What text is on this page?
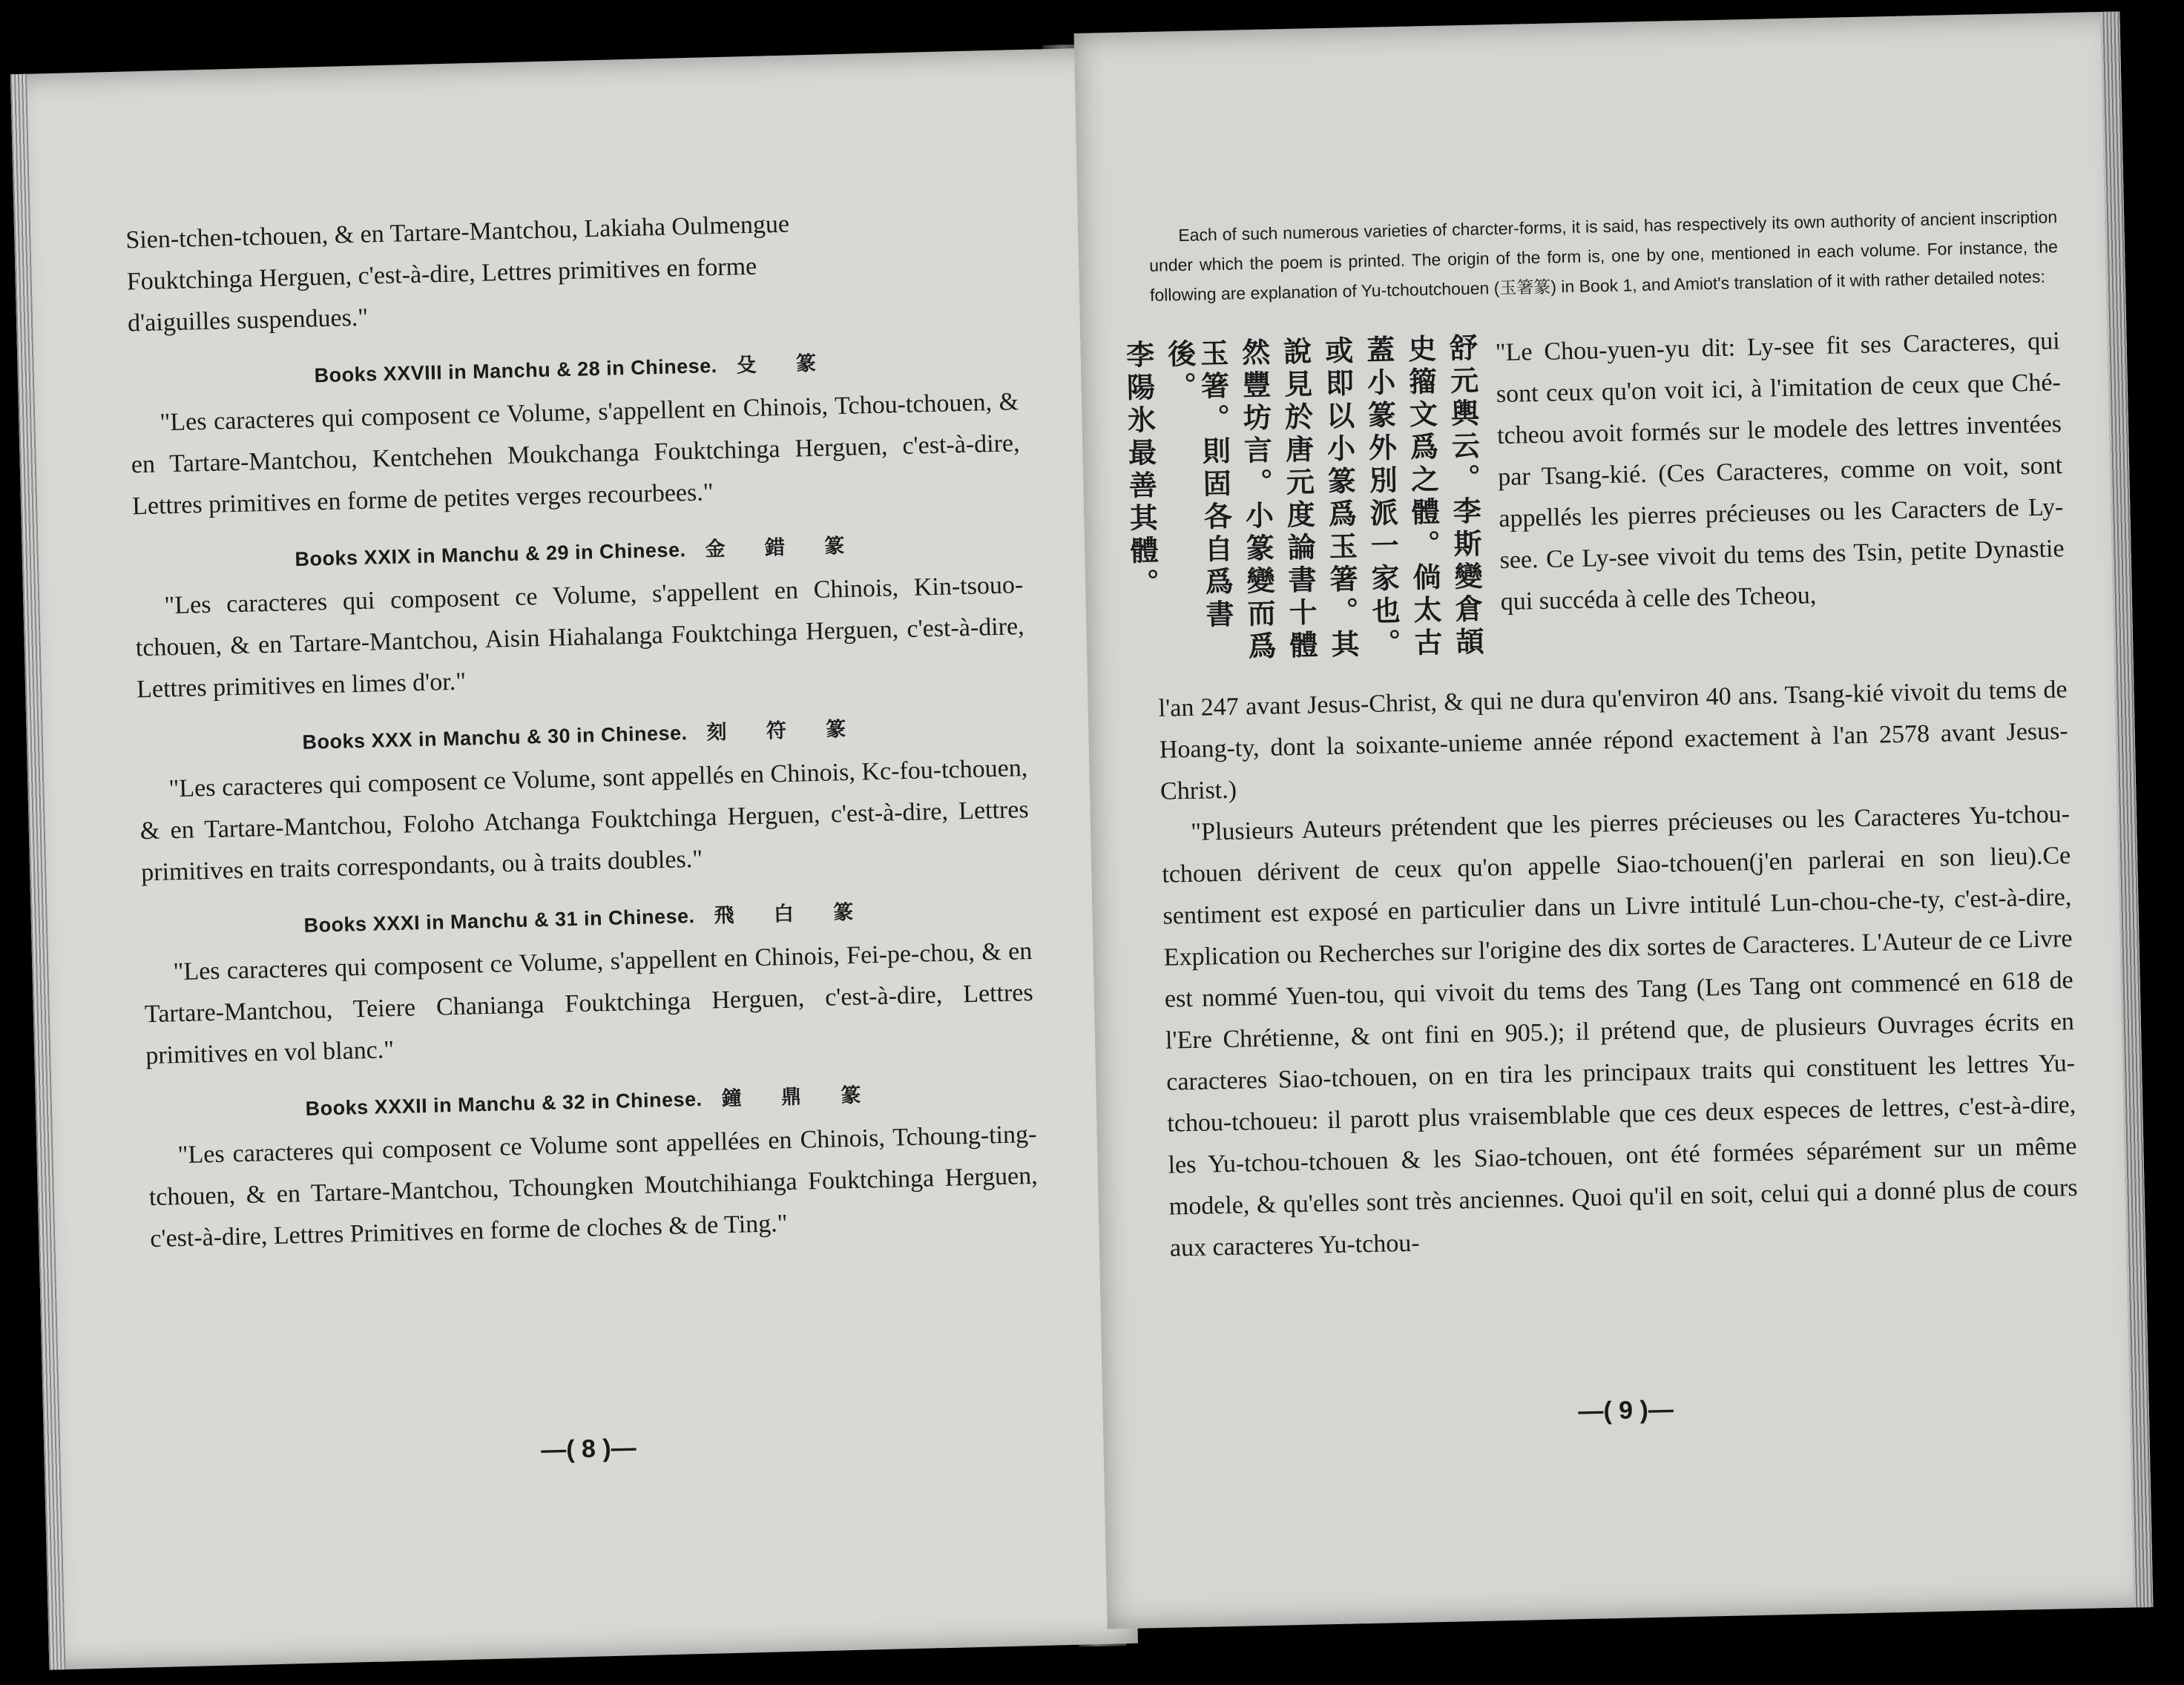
Sien-tchen-tchouen, & en Tartare-Mantchou, Lakiaha Oulmengue

Fouktchinga Herguen, c'est-à-dire, Lettres primitives en forme

d'aiguilles suspendues."

Books XXVIII in Manchu & 28 in Chinese. 殳 篆

"Les caracteres qui composent ce Volume, s'appellent en Chinois, Tchou-tchouen, & en Tartare-Mantchou, Kentchehen Moukchanga Fouktchinga Herguen, c'est-à-dire, Lettres primitives en forme de petites verges recourbees."

Books XXIX in Manchu & 29 in Chinese. 金 錯 篆

"Les caracteres qui composent ce Volume, s'appellent en Chinois, Kin-tsouo-tchouen, & en Tartare-Mantchou, Aisin Hiahalanga Fouktchinga Herguen, c'est-à-dire, Lettres primitives en limes d'or."

Books XXX in Manchu & 30 in Chinese. 刻 符 篆

"Les caracteres qui composent ce Volume, sont appellés en Chinois, Kc-fou-tchouen, & en Tartare-Mantchou, Foloho Atchanga Fouktchinga Herguen, c'est-à-dire, Lettres primitives en traits correspondants, ou à traits doubles."

Books XXXI in Manchu & 31 in Chinese. 飛 白 篆

"Les caracteres qui composent ce Volume, s'appellent en Chinois, Fei-pe-chou, & en Tartare-Mantchou, Teiere Chanianga Fouktchinga Herguen, c'est-à-dire, Lettres primitives en vol blanc."

Books XXXII in Manchu & 32 in Chinese. 鐘 鼎 篆

"Les caracteres qui composent ce Volume sont appellées en Chinois, Tchoung-ting-tchouen, & en Tartare-Mantchou, Tchoungken Moutchihianga Fouktchinga Herguen, c'est-à-dire, Lettres Primitives en forme de cloches & de Ting."

—( 8 )—

Each of such numerous varieties of charcter-forms, it is said, has respectively its own authority of ancient inscription under which the poem is printed. The origin of the form is, one by one, mentioned in each volume. For instance, the following are explanation of Yu-tchoutchouen (玉箸篆) in Book 1, and Amiot's translation of it with rather detailed notes:

舒元輿云。李斯變倉頡
史籀文爲之體。倘太古
蓋小篆外別派一家也。
或即以小篆爲玉箸。其
說見於唐元度論書十體
然豐坊言。小篆變而爲
玉箸。則固各自爲書後。
李陽氷最善其體。	"Le Chou-yuen-yu dit: Ly-see fit ses Caracteres, qui sont ceux qu'on voit ici, à l'imitation de ceux que Ché-tcheou avoit formés sur le modele des lettres inventées par Tsang-kié. (Ces Caracteres, comme on voit, sont appellés les pierres précieuses ou les Caracters de Ly-see. Ce Ly-see vivoit du tems des Tsin, petite Dynastie qui succéda à celle des Tcheou,

l'an 247 avant Jesus-Christ, & qui ne dura qu'environ 40 ans. Tsang-kié vivoit du tems de Hoang-ty, dont la soixante-unieme année répond exactement à l'an 2578 avant Jesus-Christ.)

"Plusieurs Auteurs prétendent que les pierres précieuses ou les Caracteres Yu-tchou-tchouen dérivent de ceux qu'on appelle Siao-tchouen(j'en parlerai en son lieu).Ce sentiment est exposé en particulier dans un Livre intitulé Lun-chou-che-ty, c'est-à-dire, Explication ou Recherches sur l'origine des dix sortes de Caracteres. L'Auteur de ce Livre est nommé Yuen-tou, qui vivoit du tems des Tang (Les Tang ont commencé en 618 de l'Ere Chrétienne, & ont fini en 905.); il prétend que, de plusieurs Ouvrages écrits en caracteres Siao-tchouen, on en tira les principaux traits qui constituent les lettres Yu-tchou-tchoueu: il parott plus vraisemblable que ces deux especes de lettres, c'est-à-dire, les Yu-tchou-tchouen & les Siao-tchouen, ont été formées séparément sur un même modele, & qu'elles sont très anciennes. Quoi qu'il en soit, celui qui a donné plus de cours aux caracteres Yu-tchou-

—( 9 )—
